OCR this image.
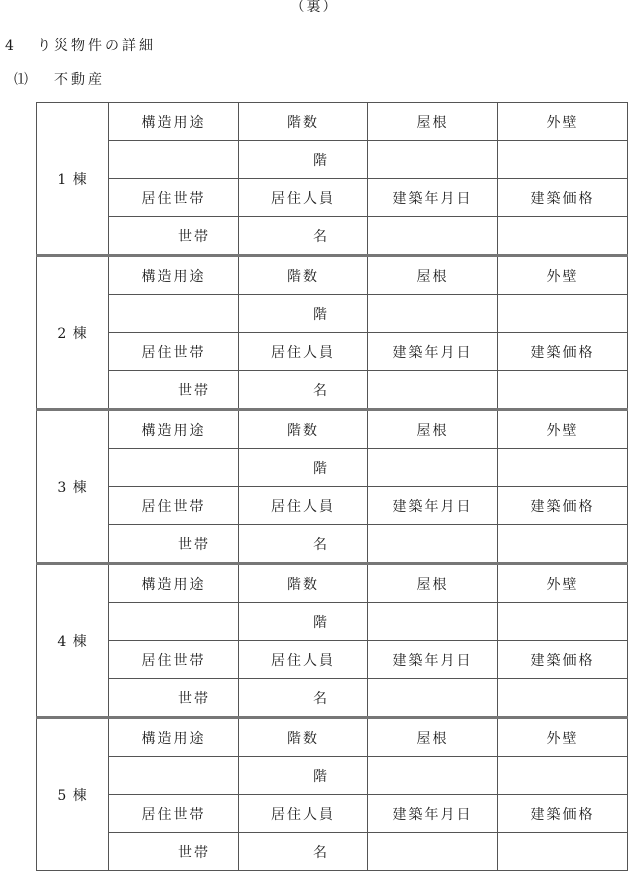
（裏）
4 り災物件の詳細
⑴ 不動産
1 棟	構造用途	階数	屋根	外壁
		階		
	居住世帯	居住人員	建築年月日	建築価格
	世帯	名		
2 棟	構造用途	階数	屋根	外壁
		階		
	居住世帯	居住人員	建築年月日	建築価格
	世帯	名		
3 棟	構造用途	階数	屋根	外壁
		階		
	居住世帯	居住人員	建築年月日	建築価格
	世帯	名		
4 棟	構造用途	階数	屋根	外壁
		階		
	居住世帯	居住人員	建築年月日	建築価格
	世帯	名		
5 棟	構造用途	階数	屋根	外壁
		階		
	居住世帯	居住人員	建築年月日	建築価格
	世帯	名		
